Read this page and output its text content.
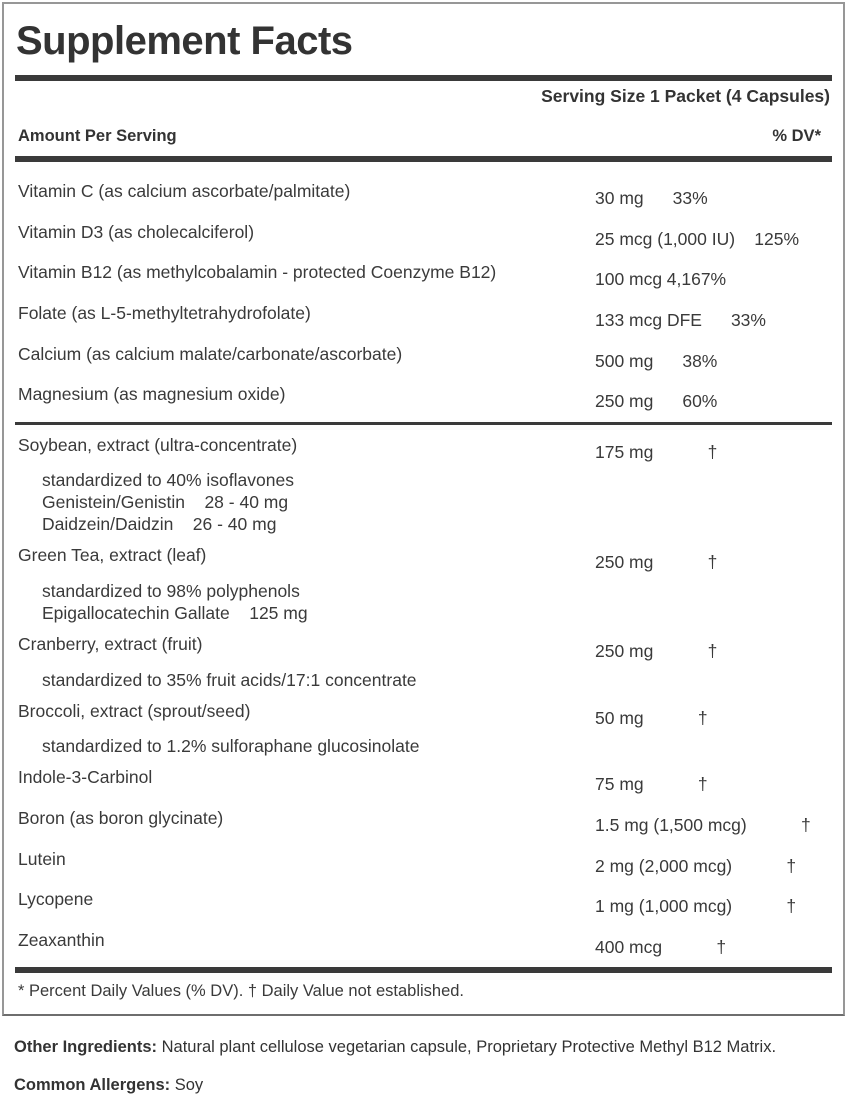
Supplement Facts
Serving Size 1 Packet (4 Capsules)
Amount Per Serving	% DV*
Vitamin C (as calcium ascorbate/palmitate)	30 mg	33%
Vitamin D3 (as cholecalciferol)	25 mcg (1,000 IU)	125%
Vitamin B12 (as methylcobalamin - protected Coenzyme B12)	100 mcg 4,167%
Folate (as L-5-methyltetrahydrofolate)	133 mcg DFE	33%
Calcium (as calcium malate/carbonate/ascorbate)	500 mg	38%
Magnesium (as magnesium oxide)	250 mg	60%
Soybean, extract (ultra-concentrate)	175 mg	†
standardized to 40% isoflavones
Genistein/Genistin    28 - 40 mg
Daidzein/Daidzin    26 - 40 mg
Green Tea, extract (leaf)	250 mg	†
standardized to 98% polyphenols
Epigallocatechin Gallate    125 mg
Cranberry, extract (fruit)	250 mg	†
standardized to 35% fruit acids/17:1 concentrate
Broccoli, extract (sprout/seed)	50 mg	†
standardized to 1.2% sulforaphane glucosinolate
Indole-3-Carbinol	75 mg	†
Boron (as boron glycinate)	1.5 mg (1,500 mcg)	†
Lutein	2 mg (2,000 mcg)	†
Lycopene	1 mg (1,000 mcg)	†
Zeaxanthin	400 mcg	†
* Percent Daily Values (% DV). † Daily Value not established.

Other Ingredients: Natural plant cellulose vegetarian capsule, Proprietary Protective Methyl B12 Matrix.

Common Allergens: Soy
